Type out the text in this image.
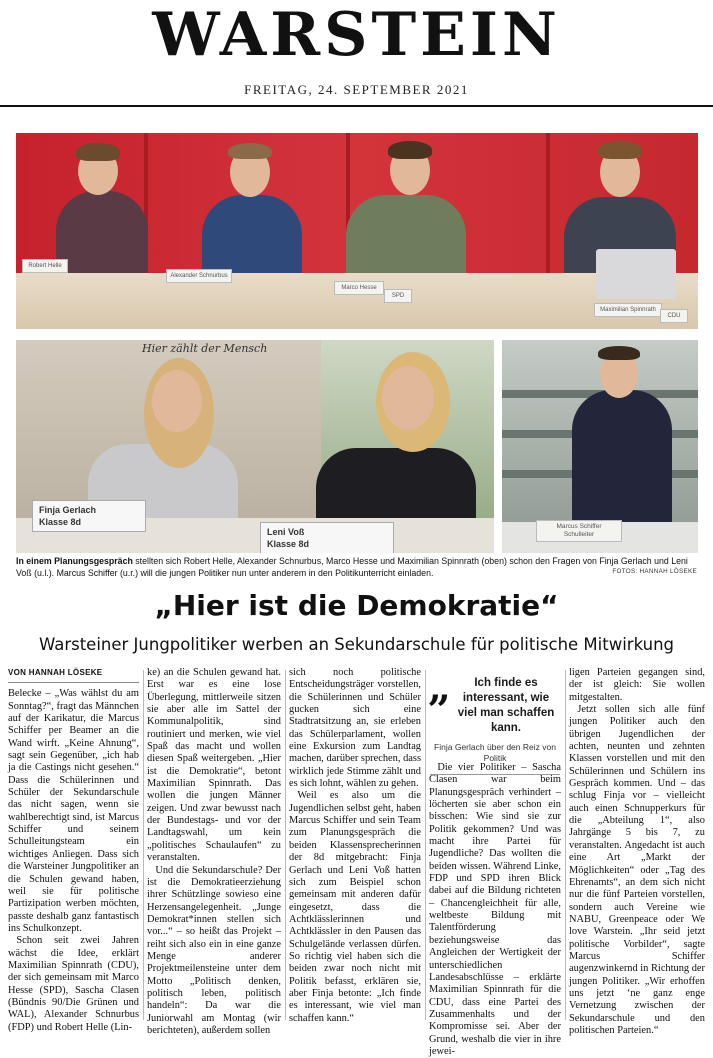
WARSTEIN
FREITAG, 24. SEPTEMBER 2021
Robert Helle
Alexander Schnurbus
Marco Hesse
SPD
Maximilian Spinnrath
CDU
Hier zählt der Mensch
Finja Gerlach
Klasse 8d
Leni Voß
Klasse 8d
Marcus Schiffer
Schulleiter
In einem Planungsgespräch stellten sich Robert Helle, Alexander Schnurbus, Marco Hesse und Maximilian Spinnrath (oben) schon den Fragen von Finja Gerlach und Leni Voß (u.l.). Marcus Schiffer (u.r.) will die jungen Politiker nun unter anderem in den Politikunterricht einladen.	FOTOS: HANNAH LÖSEKE
„Hier ist die Demokratie“
Warsteiner Jungpolitiker werben an Sekundarschule für politische Mitwirkung
VON HANNAH LÖSEKE

Belecke – „Was wählst du am Sonntag?“, fragt das Männchen auf der Karikatur, die Marcus Schiffer per Beamer an die Wand wirft. „Keine Ahnung“, sagt sein Gegenüber, „ich hab ja die Castings nicht gesehen.“ Dass die Schülerinnen und Schüler der Sekundarschule das nicht sagen, wenn sie wahlberechtigt sind, ist Marcus Schiffer und seinem Schulleitungsteam ein wichtiges Anliegen. Dass sich die Warsteiner Jungpolitiker an die Schulen gewand haben, weil sie für politische Partizipation werben möchten, passte deshalb ganz fantastisch ins Schulkonzept.

Schon seit zwei Jahren wächst die Idee, erklärt Maximilian Spinnrath (CDU), der sich gemeinsam mit Marco Hesse (SPD), Sascha Clasen (Bündnis 90/Die Grünen und WAL), Alexander Schnurbus (FDP) und Robert Helle (Lin-

ke) an die Schulen gewand hat. Erst war es eine lose Überlegung, mittlerweile sitzen sie aber alle im Sattel der Kommunalpolitik, sind routiniert und merken, wie viel Spaß das macht und wollen diesen Spaß weitergeben. „Hier ist die Demokratie“, betont Maximilian Spinnrath. Das wollen die jungen Männer zeigen. Und zwar bewusst nach der Bundestags- und vor der Landtagswahl, um kein „politisches Schaulaufen“ zu veranstalten.

Und die Sekundarschule? Der ist die Demokratieerziehung ihrer Schützlinge sowieso eine Herzensangelegenheit. „Junge Demokrat*innen stellen sich vor...“ – so heißt das Projekt – reiht sich also ein in eine ganze Menge anderer Projektmeilensteine unter dem Motto „Politisch denken, politisch leben, politisch handeln“: Da war die Juniorwahl am Montag (wir berichteten), außerdem sollen

sich noch politische Entscheidungsträger vorstellen, die Schülerinnen und Schüler gucken sich eine Stadtratsitzung an, sie erleben das Schülerparlament, wollen eine Exkursion zum Landtag machen, darüber sprechen, dass wirklich jede Stimme zählt und es sich lohnt, wählen zu gehen.

Weil es also um die Jugendlichen selbst geht, haben Marcus Schiffer und sein Team zum Planungsgespräch die beiden Klassensprecherinnen der 8d mitgebracht: Finja Gerlach und Leni Voß hatten sich zum Beispiel schon gemeinsam mit anderen dafür eingesetzt, dass die Achtklässlerinnen und Achtklässler in den Pausen das Schulgelände verlassen dürfen. So richtig viel haben sich die beiden zwar noch nicht mit Politik befasst, erklären sie, aber Finja betonte: „Ich finde es interessant, wie viel man schaffen kann.“

„	Ich finde es interessant, wie viel man schaffen kann.
Finja Gerlach über den Reiz von Politik

Die vier Politiker – Sascha Clasen war beim Planungsgespräch verhindert – löcherten sie aber schon ein bisschen: Wie sind sie zur Politik gekommen? Und was macht ihre Partei für Jugendliche? Das wollten die beiden wissen. Während Linke, FDP und SPD ihren Blick dabei auf die Bildung richteten – Chancengleichheit für alle, weltbeste Bildung mit Talentförderung beziehungsweise das Angleichen der Wertigkeit der unterschiedlichen Landesabschlüsse – erklärte Maximilian Spinnrath für die CDU, dass eine Partei des Zusammenhalts und der Kompromisse sei. Aber der Grund, weshalb die vier in ihre jewei-

ligen Parteien gegangen sind, der ist gleich: Sie wollen mitgestalten.

Jetzt sollen sich alle fünf jungen Politiker auch den übrigen Jugendlichen der achten, neunten und zehnten Klassen vorstellen und mit den Schülerinnen und Schülern ins Gespräch kommen. Und – das schlug Finja vor – vielleicht auch einen Schnupperkurs für die „Abteilung 1“, also Jahrgänge 5 bis 7, zu veranstalten. Angedacht ist auch eine Art „Markt der Möglichkeiten“ oder „Tag des Ehrenamts“, an dem sich nicht nur die fünf Parteien vorstellen, sondern auch Vereine wie NABU, Greenpeace oder We love Warstein. „Ihr seid jetzt politische Vorbilder“, sagte Marcus Schiffer augenzwinkernd in Richtung der jungen Politiker. „Wir erhoffen uns jetzt ‘ne ganz enge Vernetzung zwischen der Sekundarschule und den politischen Parteien.“
